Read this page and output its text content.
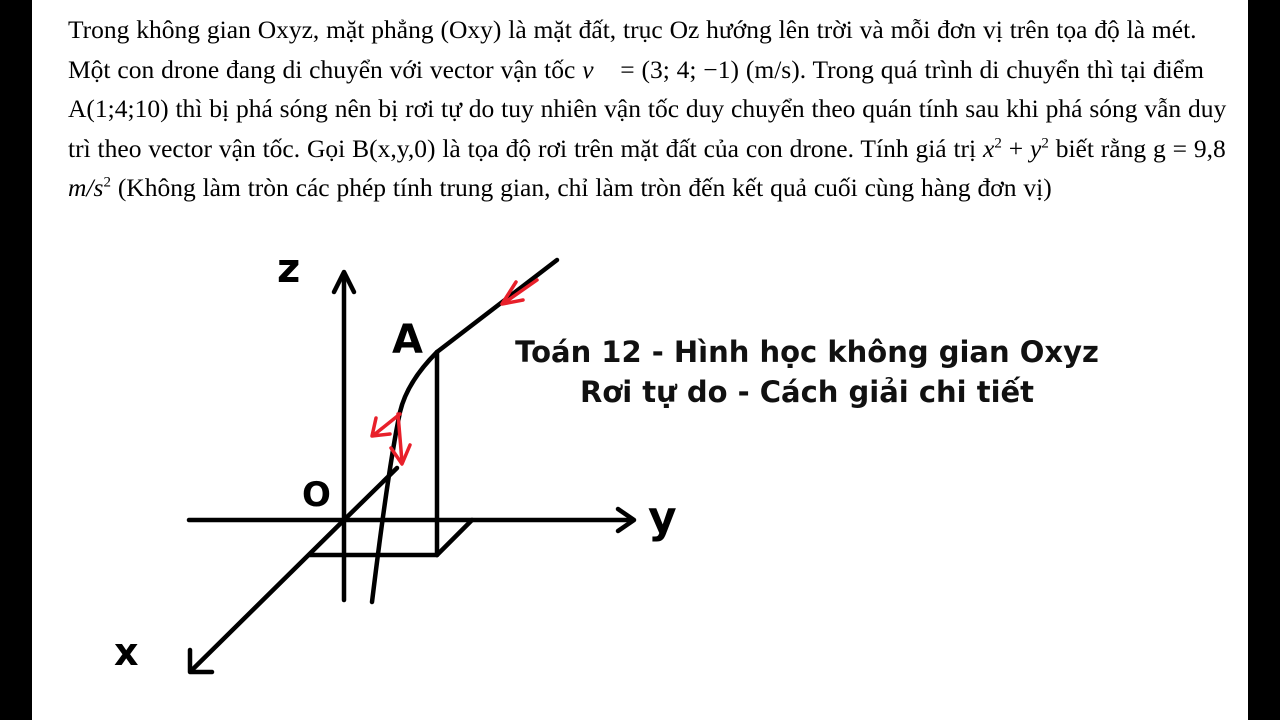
Trong không gian Oxyz, mặt phẳng (Oxy) là mặt đất, trục Oz hướng lên trời và mỗi đơn vị trên tọa độ là mét. Một con drone đang di chuyển với vector vận tốc v⃗ = (3; 4; −1) (m/s). Trong quá trình di chuyển thì tại điểm A(1;4;10) thì bị phá sóng nên bị rơi tự do tuy nhiên vận tốc duy chuyển theo quán tính sau khi phá sóng vẫn duy trì theo vector vận tốc. Gọi B(x,y,0) là tọa độ rơi trên mặt đất của con drone. Tính giá trị $x^2 + y^2$ biết rằng g = 9,8 $m/s^2$ (Không làm tròn các phép tính trung gian, chỉ làm tròn đến kết quả cuối cùng hàng đơn vị)

z
y
x
O
A	Toán 12 - Hình học không gian Oxyz
Rơi tự do - Cách giải chi tiết
